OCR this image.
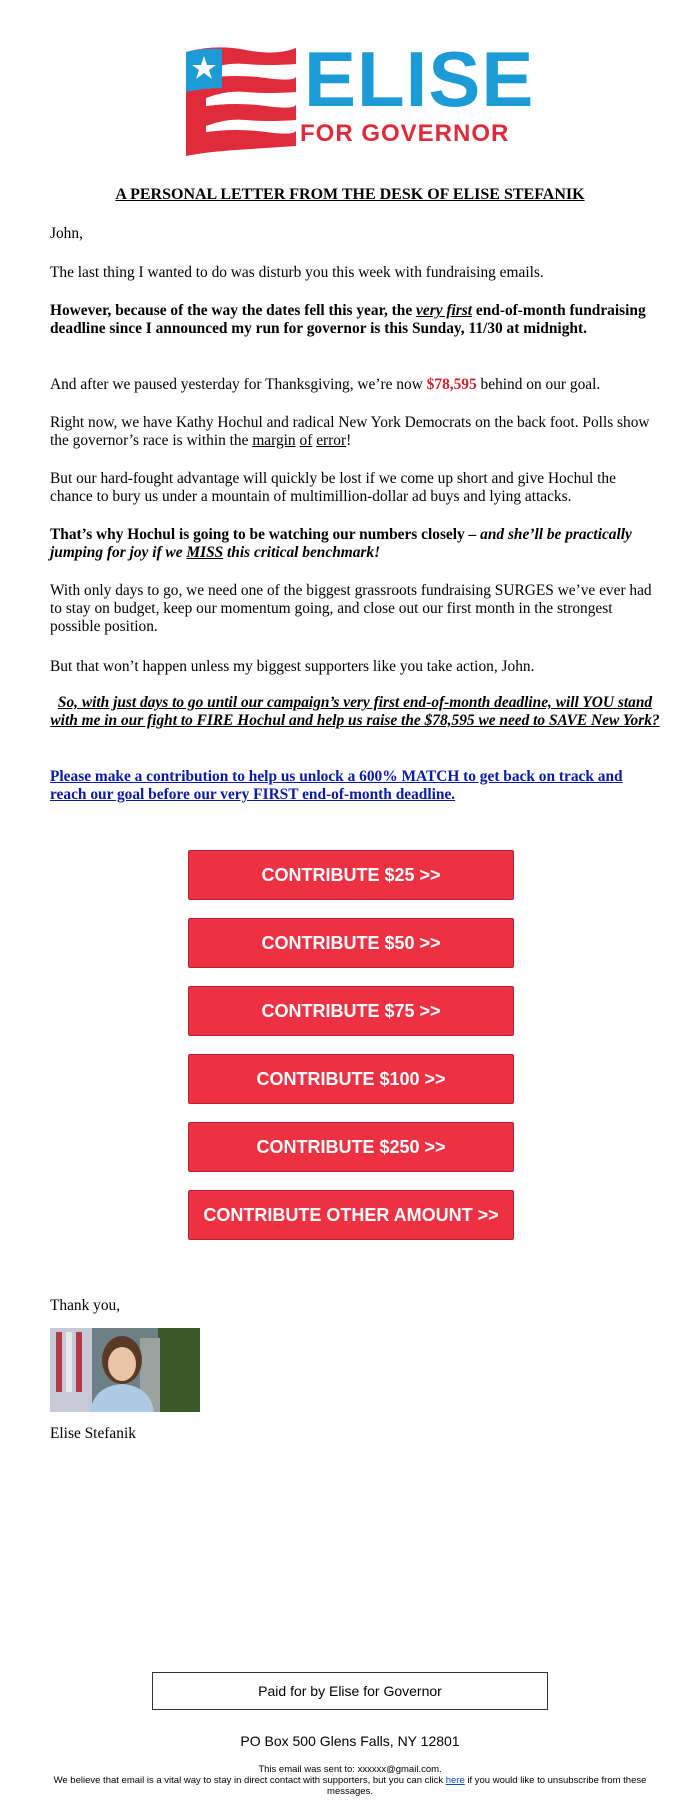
ELISE
FOR GOVERNOR
A PERSONAL LETTER FROM THE DESK OF ELISE STEFANIK

John,

The last thing I wanted to do was disturb you this week with fundraising emails.

However, because of the way the dates fell this year, the very first end-of-month fundraising deadline since I announced my run for governor is this Sunday, 11/30 at midnight.

And after we paused yesterday for Thanksgiving, we’re now $78,595 behind on our goal.

Right now, we have Kathy Hochul and radical New York Democrats on the back foot. Polls show the governor’s race is within the margin of error!

But our hard-fought advantage will quickly be lost if we come up short and give Hochul the chance to bury us under a mountain of multimillion-dollar ad buys and lying attacks.

That’s why Hochul is going to be watching our numbers closely – and she’ll be practically jumping for joy if we MISS this critical benchmark!

With only days to go, we need one of the biggest grassroots fundraising SURGES we’ve ever had to stay on budget, keep our momentum going, and close out our first month in the strongest possible position.

But that won’t happen unless my biggest supporters like you take action, John.

So, with just days to go until our campaign’s very first end-of-month deadline, will YOU stand with me in our fight to FIRE Hochul and help us raise the $78,595 we need to SAVE New York?
Please make a contribution to help us unlock a 600% MATCH to get back on track and reach our goal before our very FIRST end-of-month deadline.
CONTRIBUTE $25 >>
CONTRIBUTE $50 >>
CONTRIBUTE $75 >>
CONTRIBUTE $100 >>
CONTRIBUTE $250 >>
CONTRIBUTE OTHER AMOUNT >>

Thank you,

Elise Stefanik

Paid for by Elise for Governor
PO Box 500 Glens Falls, NY 12801
This email was sent to: xxxxxx@gmail.com.
We believe that email is a vital way to stay in direct contact with supporters, but you can click here if you would like to unsubscribe from these messages.
